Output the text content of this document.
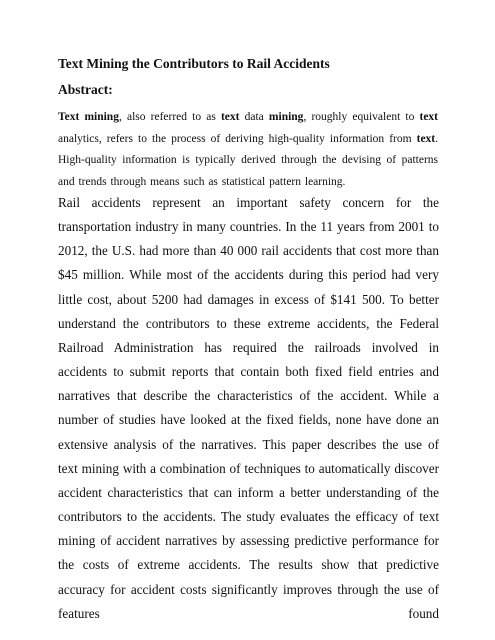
Text Mining the Contributors to Rail Accidents
Abstract:
Text mining, also referred to as text data mining, roughly equivalent to text analytics, refers to the process of deriving high-quality information from text. High-quality information is typically derived through the devising of patterns and trends through means such as statistical pattern learning.
Rail accidents represent an important safety concern for the transportation industry in many countries. In the 11 years from 2001 to 2012, the U.S. had more than 40 000 rail accidents that cost more than $45 million. While most of the accidents during this period had very little cost, about 5200 had damages in excess of $141 500. To better understand the contributors to these extreme accidents, the Federal Railroad Administration has required the railroads involved in accidents to submit reports that contain both fixed field entries and narratives that describe the characteristics of the accident. While a number of studies have looked at the fixed fields, none have done an extensive analysis of the narratives. This paper describes the use of text mining with a combination of techniques to automatically discover accident characteristics that can inform a better understanding of the contributors to the accidents. The study evaluates the efficacy of text mining of accident narratives by assessing predictive performance for the costs of extreme accidents. The results show that predictive accuracy for accident costs significantly improves through the use of features found
